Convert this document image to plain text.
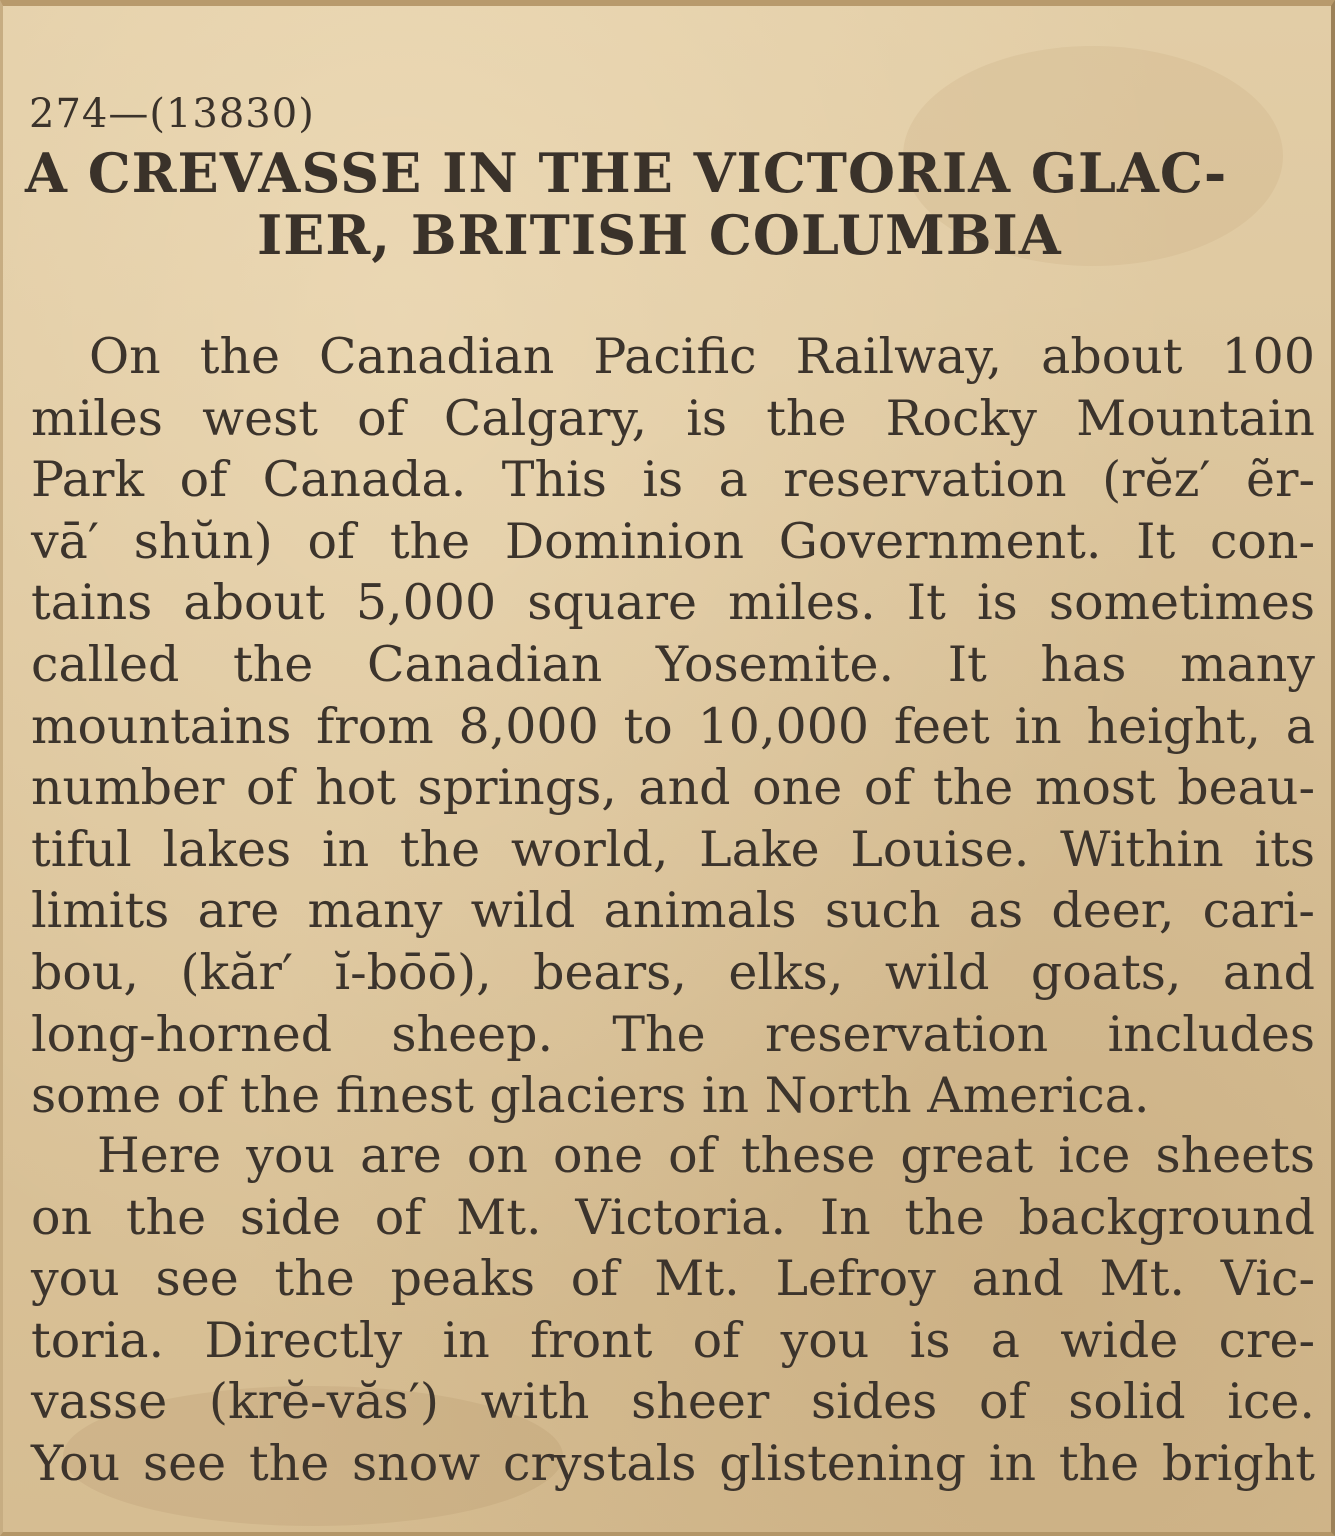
274—(13830)
A CREVASSE IN THE VICTORIA GLAC-
IER, BRITISH COLUMBIA
On the Canadian Pacific Railway, about 100
miles west of Calgary, is the Rocky Mountain
Park of Canada. This is a reservation (rĕz′ ẽr-
vā′ shŭn) of the Dominion Government. It con-
tains about 5,000 square miles. It is sometimes
called the Canadian Yosemite. It has many
mountains from 8,000 to 10,000 feet in height, a
number of hot springs, and one of the most beau-
tiful lakes in the world, Lake Louise. Within its
limits are many wild animals such as deer, cari-
bou, (kăr′ ĭ-bōō), bears, elks, wild goats, and
long-horned sheep. The reservation includes
some of the finest glaciers in North America.
Here you are on one of these great ice sheets
on the side of Mt. Victoria. In the background
you see the peaks of Mt. Lefroy and Mt. Vic-
toria. Directly in front of you is a wide cre-
vasse (krĕ-văs′) with sheer sides of solid ice.
You see the snow crystals glistening in the bright
